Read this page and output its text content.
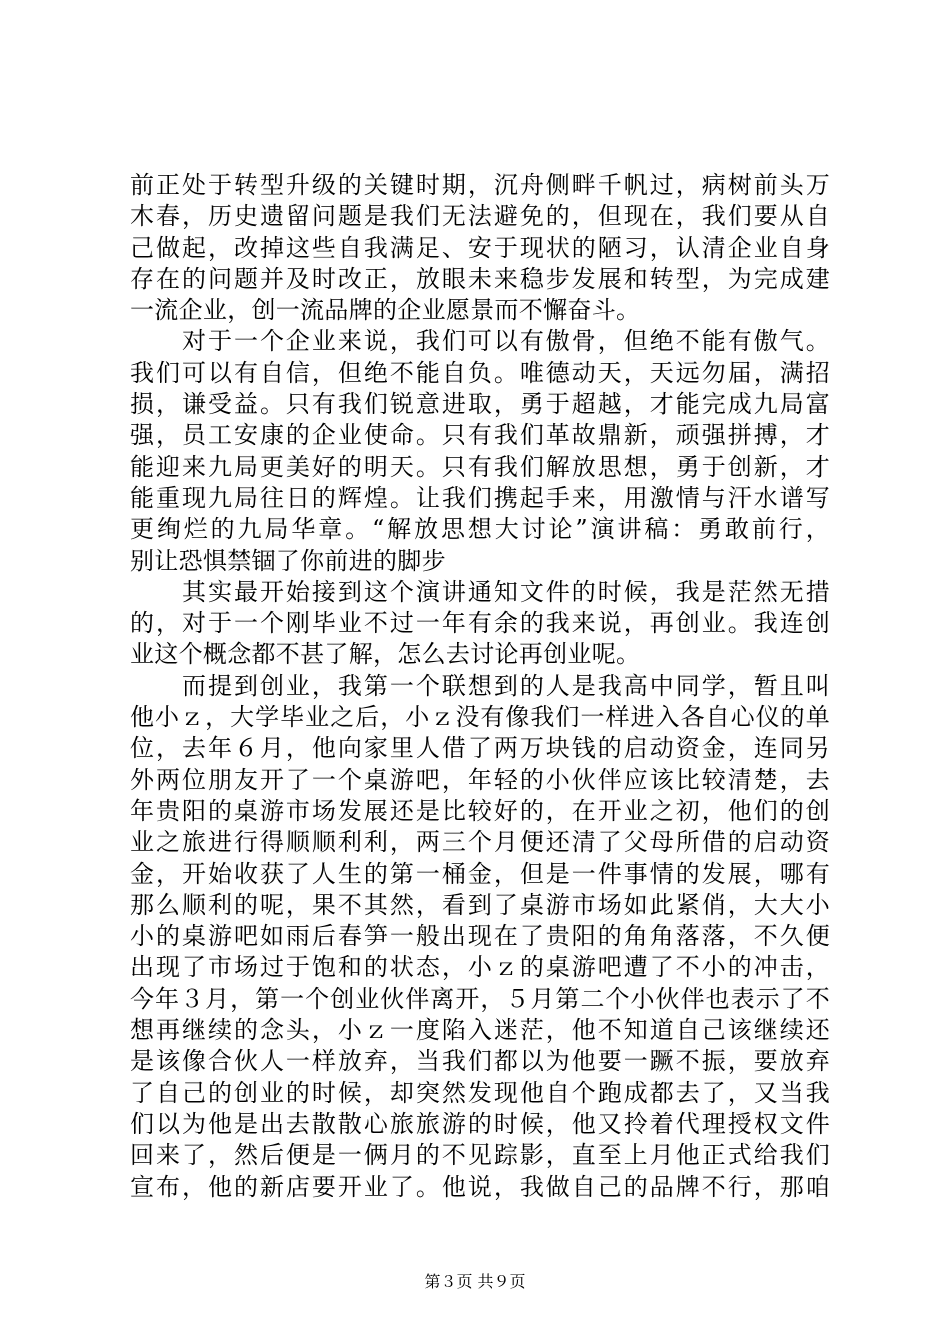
前正处于转型升级的关键时期，沉舟侧畔千帆过，病树前头万
木春，历史遗留问题是我们无法避免的，但现在，我们要从自
己做起，改掉这些自我满足、安于现状的陋习，认清企业自身
存在的问题并及时改正，放眼未来稳步发展和转型，为完成建
一流企业，创一流品牌的企业愿景而不懈奋斗。
　　对于一个企业来说，我们可以有傲骨，但绝不能有傲气。
我们可以有自信，但绝不能自负。唯德动天，天远勿届，满招
损，谦受益。只有我们锐意进取，勇于超越，才能完成九局富
强，员工安康的企业使命。只有我们革故鼎新，顽强拼搏，才
能迎来九局更美好的明天。只有我们解放思想，勇于创新，才
能重现九局往日的辉煌。让我们携起手来，用激情与汗水谱写
更绚烂的九局华章。“解放思想大讨论”演讲稿：勇敢前行，
别让恐惧禁锢了你前进的脚步
　　其实最开始接到这个演讲通知文件的时候，我是茫然无措
的，对于一个刚毕业不过一年有余的我来说，再创业。我连创
业这个概念都不甚了解，怎么去讨论再创业呢。
　　而提到创业，我第一个联想到的人是我高中同学，暂且叫
他小ｚ，大学毕业之后，小ｚ没有像我们一样进入各自心仪的单
位，去年６月，他向家里人借了两万块钱的启动资金，连同另
外两位朋友开了一个桌游吧，年轻的小伙伴应该比较清楚，去
年贵阳的桌游市场发展还是比较好的，在开业之初，他们的创
业之旅进行得顺顺利利，两三个月便还清了父母所借的启动资
金，开始收获了人生的第一桶金，但是一件事情的发展，哪有
那么顺利的呢，果不其然，看到了桌游市场如此紧俏，大大小
小的桌游吧如雨后春笋一般出现在了贵阳的角角落落，不久便
出现了市场过于饱和的状态，小ｚ的桌游吧遭了不小的冲击，
今年３月，第一个创业伙伴离开，５月第二个小伙伴也表示了不
想再继续的念头，小ｚ一度陷入迷茫，他不知道自己该继续还
是该像合伙人一样放弃，当我们都以为他要一蹶不振，要放弃
了自己的创业的时候，却突然发现他自个跑成都去了，又当我
们以为他是出去散散心旅旅游的时候，他又拎着代理授权文件
回来了，然后便是一俩月的不见踪影，直至上月他正式给我们
宣布，他的新店要开业了。他说，我做自己的品牌不行，那咱
第３页 共９页
